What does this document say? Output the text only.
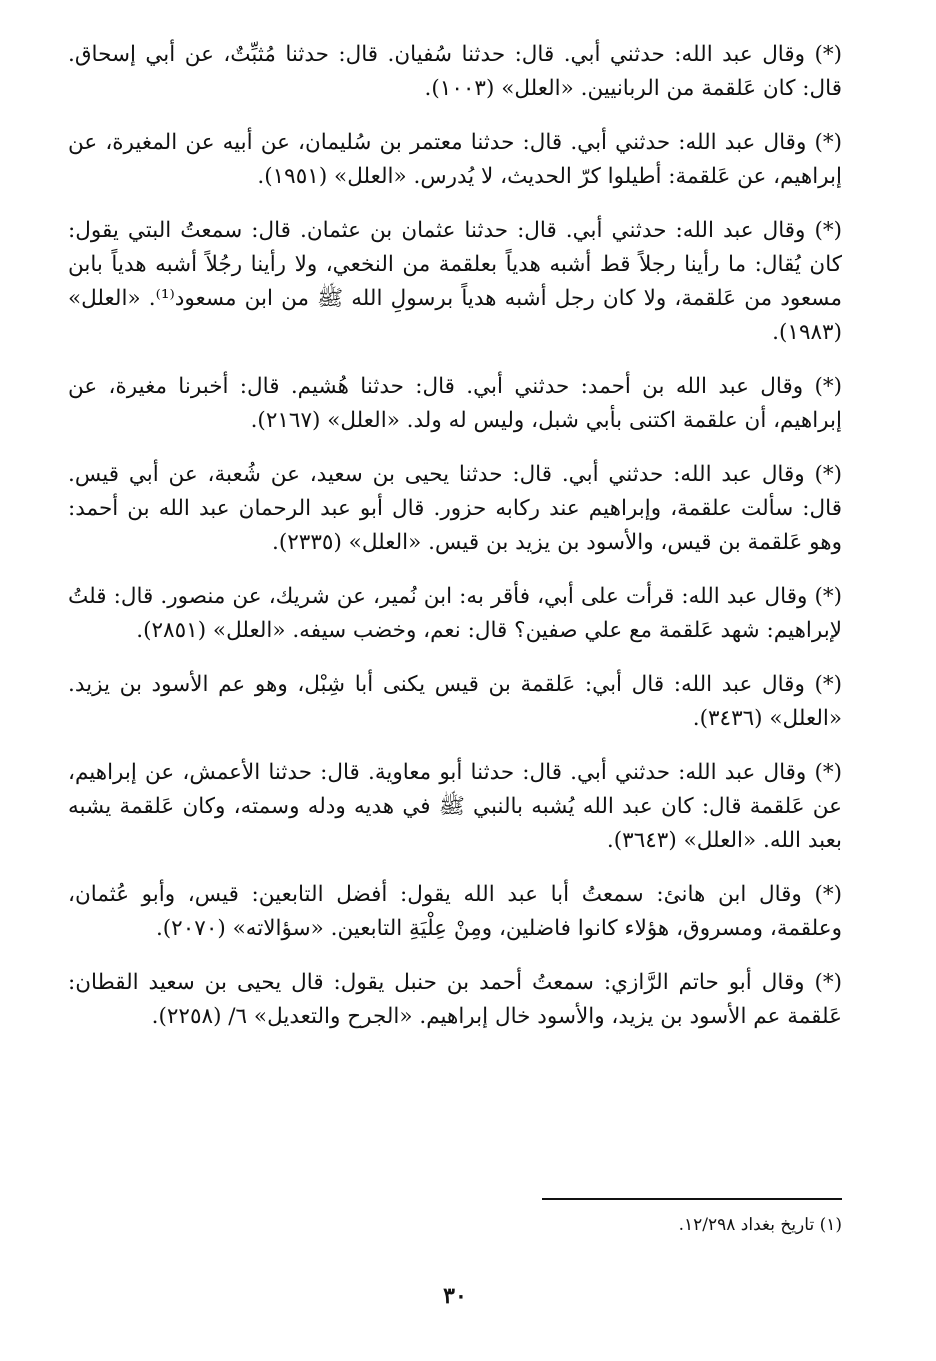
(*) وقال عبد الله: حدثني أبي. قال: حدثنا سُفيان. قال: حدثنا مُثبِّتٌ، عن أبي إسحاق. قال: كان عَلقمة من الربانيين. «العلل» (١٠٠٣).

(*) وقال عبد الله: حدثني أبي. قال: حدثنا معتمر بن سُليمان، عن أبيه عن المغيرة، عن إبراهيم، عن عَلقمة: أطيلوا كرّ الحديث، لا يُدرس. «العلل» (١٩٥١).

(*) وقال عبد الله: حدثني أبي. قال: حدثنا عثمان بن عثمان. قال: سمعتُ البتي يقول: كان يُقال: ما رأينا رجلاً قط أشبه هدياً بعلقمة من النخعي، ولا رأينا رجُلاً أشبه هدياً بابن مسعود من عَلقمة، ولا كان رجل أشبه هدياً برسولِ الله ﷺ من ابن مسعود⁽¹⁾. «العلل» (١٩٨٣).

(*) وقال عبد الله بن أحمد: حدثني أبي. قال: حدثنا هُشيم. قال: أخبرنا مغيرة، عن إبراهيم، أن علقمة اكتنى بأبي شبل، وليس له ولد. «العلل» (٢١٦٧).

(*) وقال عبد الله: حدثني أبي. قال: حدثنا يحيى بن سعيد، عن شُعبة، عن أبي قيس. قال: سألت علقمة، وإبراهيم عند ركابه حزور. قال أبو عبد الرحمان عبد الله بن أحمد: وهو عَلقمة بن قيس، والأسود بن يزيد بن قيس. «العلل» (٢٣٣٥).

(*) وقال عبد الله: قرأت على أبي، فأقر به: ابن نُمير، عن شريك، عن منصور. قال: قلتُ لإبراهيم: شهد عَلقمة مع علي صفين؟ قال: نعم، وخضب سيفه. «العلل» (٢٨٥١).

(*) وقال عبد الله: قال أبي: عَلقمة بن قيس يكنى أبا شِبْل، وهو عم الأسود بن يزيد. «العلل» (٣٤٣٦).

(*) وقال عبد الله: حدثني أبي. قال: حدثنا أبو معاوية. قال: حدثنا الأعمش، عن إبراهيم، عن عَلقمة قال: كان عبد الله يُشبه بالنبي ﷺ في هديه ودله وسمته، وكان عَلقمة يشبه بعبد الله. «العلل» (٣٦٤٣).

(*) وقال ابن هانئ: سمعتُ أبا عبد الله يقول: أفضل التابعين: قيس، وأبو عُثمان، وعلقمة، ومسروق، هؤلاء كانوا فاضلين، ومِنْ عِلْيَةِ التابعين. «سؤالاته» (٢٠٧٠).

(*) وقال أبو حاتم الرَّازي: سمعتُ أحمد بن حنبل يقول: قال يحيى بن سعيد القطان: عَلقمة عم الأسود بن يزيد، والأسود خال إبراهيم. «الجرح والتعديل» ٦/ (٢٢٥٨).

(١) تاريخ بغداد ١٢/٢٩٨.
٣٠
